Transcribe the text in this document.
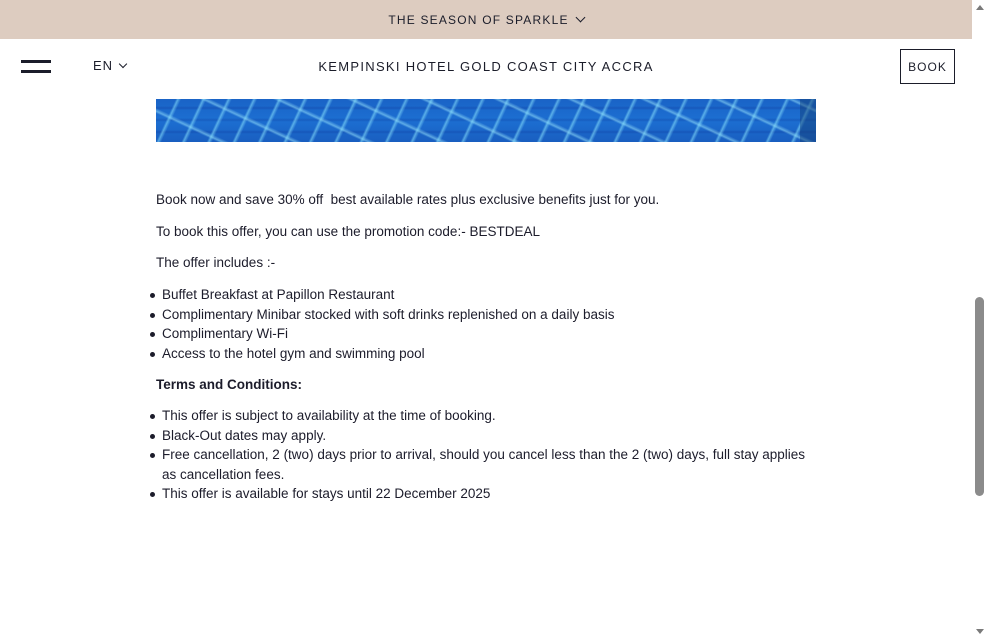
THE SEASON OF SPARKLE
EN	KEMPINSKI HOTEL GOLD COAST CITY ACCRA	BOOK

Book now and save 30% off  best available rates plus exclusive benefits just for you.

To book this offer, you can use the promotion code:- BESTDEAL

The offer includes :-

Buffet Breakfast at Papillon Restaurant
Complimentary Minibar stocked with soft drinks replenished on a daily basis
Complimentary Wi-Fi
Access to the hotel gym and swimming pool
Terms and Conditions:
This offer is subject to availability at the time of booking.
Black-Out dates may apply.
Free cancellation, 2 (two) days prior to arrival, should you cancel less than the 2 (two) days, full stay applies as cancellation fees.
This offer is available for stays until 22 December 2025
